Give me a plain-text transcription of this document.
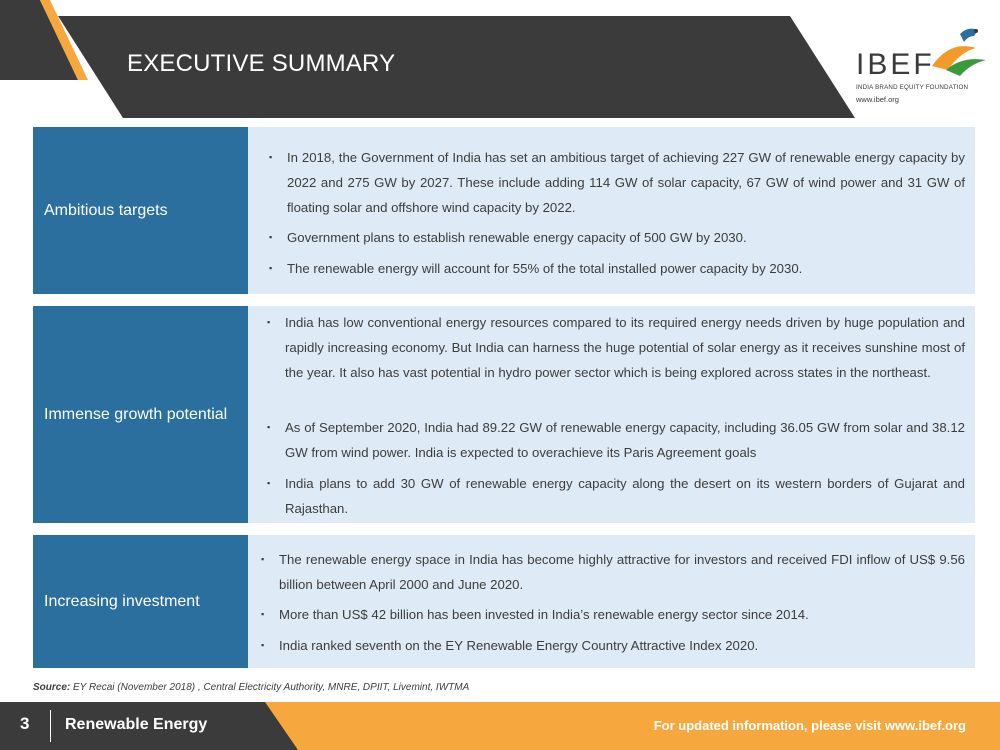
EXECUTIVE SUMMARY	IBEF
INDIA BRAND EQUITY FOUNDATION
www.ibef.org
Ambitious targets
▪ In 2018, the Government of India has set an ambitious target of achieving 227 GW of renewable energy capacity by 2022 and 275 GW by 2027. These include adding 114 GW of solar capacity, 67 GW of wind power and 31 GW of floating solar and offshore wind capacity by 2022.
▪ Government plans to establish renewable energy capacity of 500 GW by 2030.
▪ The renewable energy will account for 55% of the total installed power capacity by 2030.
Immense growth potential
▪ India has low conventional energy resources compared to its required energy needs driven by huge population and rapidly increasing economy. But India can harness the huge potential of solar energy as it receives sunshine most of the year. It also has vast potential in hydro power sector which is being explored across states in the northeast.
▪ As of September 2020, India had 89.22 GW of renewable energy capacity, including 36.05 GW from solar and 38.12 GW from wind power. India is expected to overachieve its Paris Agreement goals
▪ India plans to add 30 GW of renewable energy capacity along the desert on its western borders of Gujarat and Rajasthan.
Increasing investment
▪ The renewable energy space in India has become highly attractive for investors and received FDI inflow of US$ 9.56 billion between April 2000 and June 2020.
▪ More than US$ 42 billion has been invested in India’s renewable energy sector since 2014.
▪ India ranked seventh on the EY Renewable Energy Country Attractive Index 2020.
Source: EY Recai (November 2018) , Central Electricity Authority, MNRE, DPIIT, Livemint, IWTMA
3 Renewable Energy	For updated information, please visit www.ibef.org
